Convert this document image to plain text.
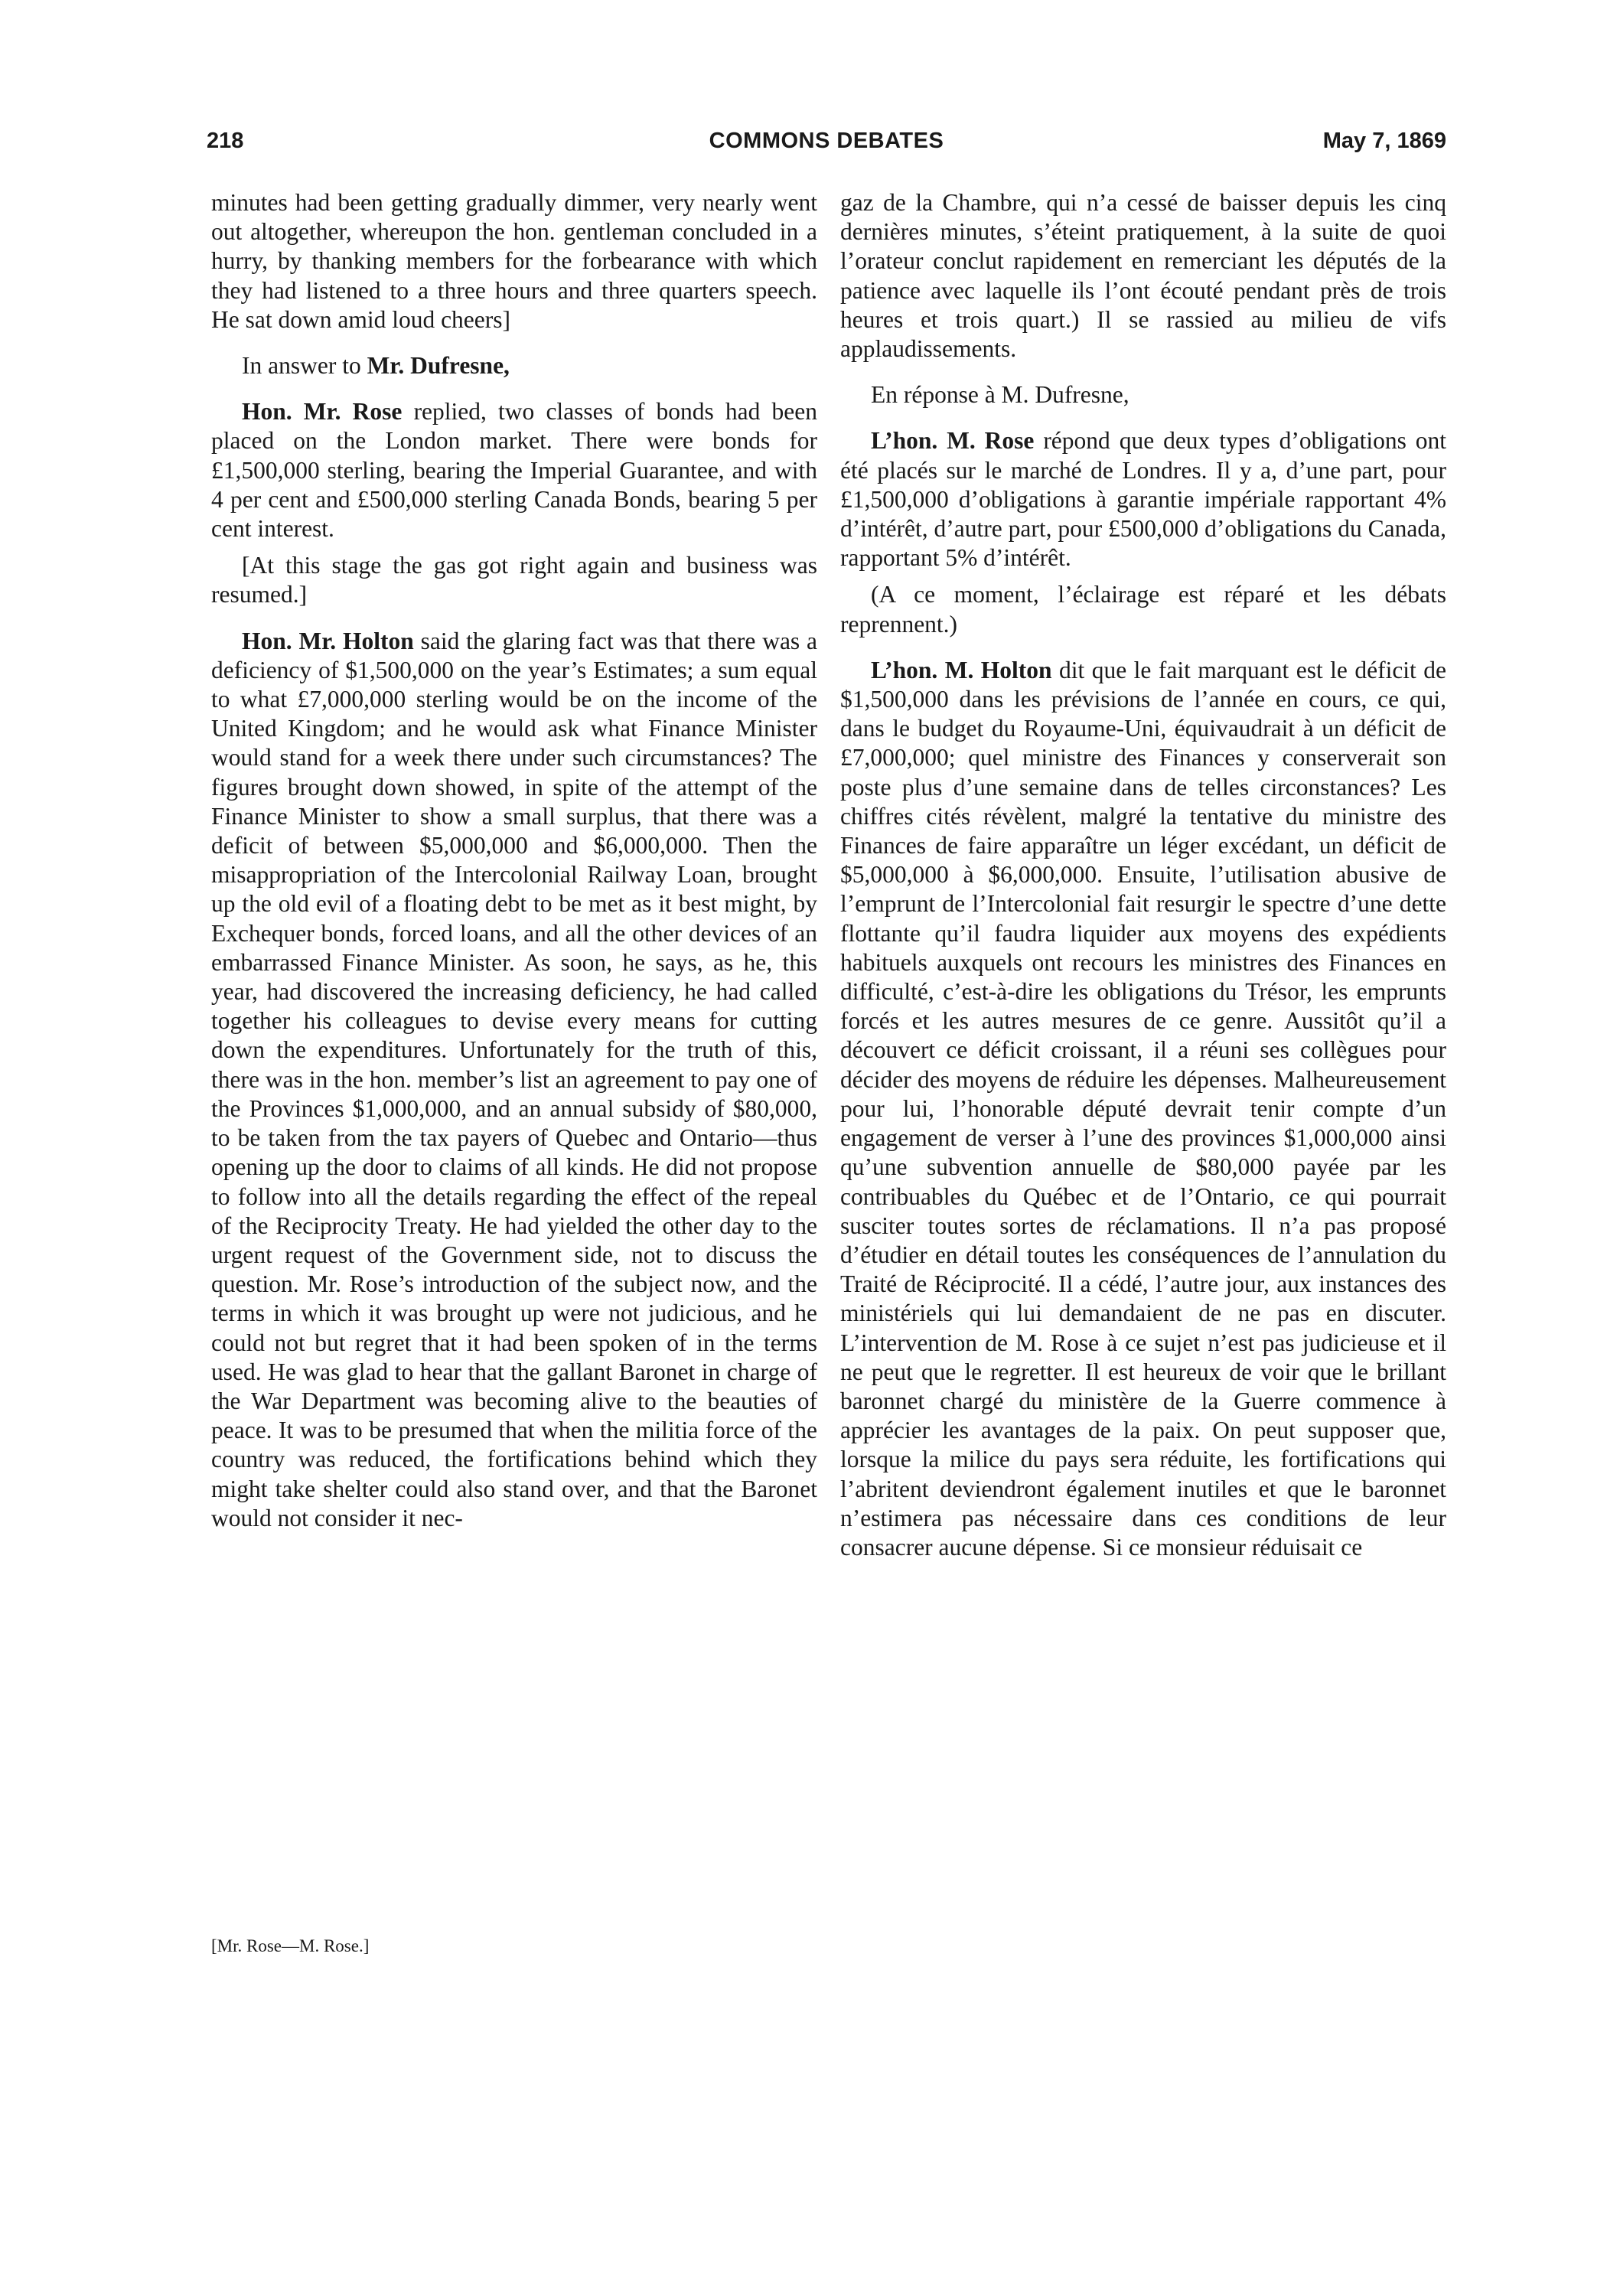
218	COMMONS DEBATES	May 7, 1869

minutes had been getting gradually dimmer, very nearly went out altogether, whereupon the hon. gentleman concluded in a hurry, by thanking members for the forbearance with which they had listened to a three hours and three quarters speech. He sat down amid loud cheers]

In answer to Mr. Dufresne,

Hon. Mr. Rose replied, two classes of bonds had been placed on the London market. There were bonds for £1,500,000 sterling, bearing the Imperial Guarantee, and with 4 per cent and £500,000 sterling Canada Bonds, bearing 5 per cent interest.

[At this stage the gas got right again and business was resumed.]

Hon. Mr. Holton said the glaring fact was that there was a deficiency of $1,500,000 on the year’s Estimates; a sum equal to what £7,000,000 sterling would be on the income of the United Kingdom; and he would ask what Finance Minister would stand for a week there under such circumstances? The figures brought down showed, in spite of the attempt of the Finance Minister to show a small surplus, that there was a deficit of between $5,000,000 and $6,000,000. Then the misappropriation of the Intercolonial Railway Loan, brought up the old evil of a floating debt to be met as it best might, by Exchequer bonds, forced loans, and all the other devices of an embarrassed Finance Minister. As soon, he says, as he, this year, had discovered the increasing deficiency, he had called together his colleagues to devise every means for cutting down the expenditures. Unfortunately for the truth of this, there was in the hon. member’s list an agreement to pay one of the Provinces $1,000,000, and an annual subsidy of $80,000, to be taken from the tax payers of Quebec and Ontario—thus opening up the door to claims of all kinds. He did not propose to follow into all the details regarding the effect of the repeal of the Reciprocity Treaty. He had yielded the other day to the urgent request of the Government side, not to discuss the question. Mr. Rose’s introduction of the subject now, and the terms in which it was brought up were not judicious, and he could not but regret that it had been spoken of in the terms used. He was glad to hear that the gallant Baronet in charge of the War Department was becoming alive to the beauties of peace. It was to be presumed that when the militia force of the country was reduced, the fortifications behind which they might take shelter could also stand over, and that the Baronet would not consider it nec-

gaz de la Chambre, qui n’a cessé de baisser depuis les cinq dernières minutes, s’éteint pratiquement, à la suite de quoi l’orateur conclut rapidement en remerciant les députés de la patience avec laquelle ils l’ont écouté pendant près de trois heures et trois quart.) Il se rassied au milieu de vifs applaudissements.

En réponse à M. Dufresne,

L’hon. M. Rose répond que deux types d’obligations ont été placés sur le marché de Londres. Il y a, d’une part, pour £1,500,000 d’obligations à garantie impériale rapportant 4% d’intérêt, d’autre part, pour £500,000 d’obligations du Canada, rapportant 5% d’intérêt.

(A ce moment, l’éclairage est réparé et les débats reprennent.)

L’hon. M. Holton dit que le fait marquant est le déficit de $1,500,000 dans les prévisions de l’année en cours, ce qui, dans le budget du Royaume-Uni, équivaudrait à un déficit de £7,000,000; quel ministre des Finances y conserverait son poste plus d’une semaine dans de telles circonstances? Les chiffres cités révèlent, malgré la tentative du ministre des Finances de faire apparaître un léger excédant, un déficit de $5,000,000 à $6,000,000. Ensuite, l’utilisation abusive de l’emprunt de l’Intercolonial fait resurgir le spectre d’une dette flottante qu’il faudra liquider aux moyens des expédients habituels auxquels ont recours les ministres des Finances en difficulté, c’est-à-dire les obligations du Trésor, les emprunts forcés et les autres mesures de ce genre. Aussitôt qu’il a découvert ce déficit croissant, il a réuni ses collègues pour décider des moyens de réduire les dépenses. Malheureusement pour lui, l’honorable député devrait tenir compte d’un engagement de verser à l’une des provinces $1,000,000 ainsi qu’une subvention annuelle de $80,000 payée par les contribuables du Québec et de l’Ontario, ce qui pourrait susciter toutes sortes de réclamations. Il n’a pas proposé d’étudier en détail toutes les conséquences de l’annulation du Traité de Réciprocité. Il a cédé, l’autre jour, aux instances des ministériels qui lui demandaient de ne pas en discuter. L’intervention de M. Rose à ce sujet n’est pas judicieuse et il ne peut que le regretter. Il est heureux de voir que le brillant baronnet chargé du ministère de la Guerre commence à apprécier les avantages de la paix. On peut supposer que, lorsque la milice du pays sera réduite, les fortifications qui l’abritent deviendront également inutiles et que le baronnet n’estimera pas nécessaire dans ces conditions de leur consacrer aucune dépense. Si ce monsieur réduisait ce

[Mr. Rose—M. Rose.]
